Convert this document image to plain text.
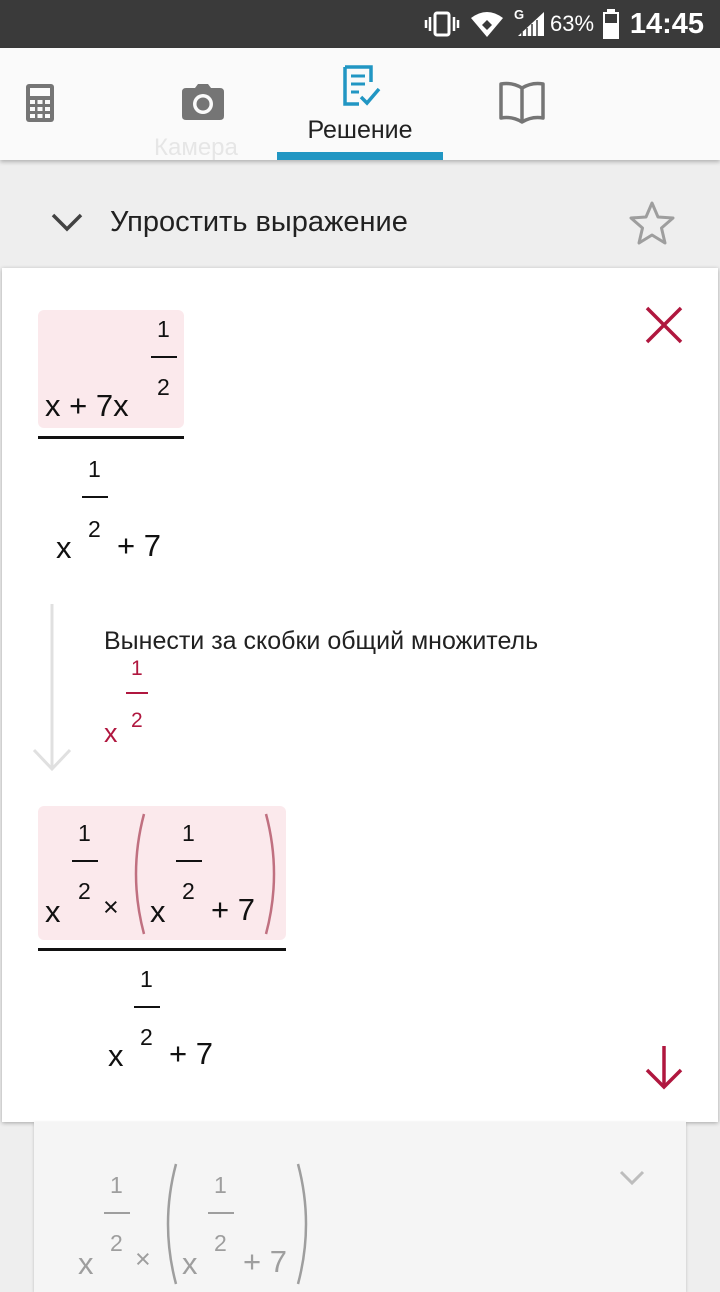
G 63% 14:45
Камера
Решение
Упростить выражение
x + 7x
1
2
x
1
2 + 7
Вынести за скобки общий множитель
x
1
2
x
1
2
× x
1
2
+ 7
x
1
2 + 7
x
1
2
× x
1
2
+ 7
